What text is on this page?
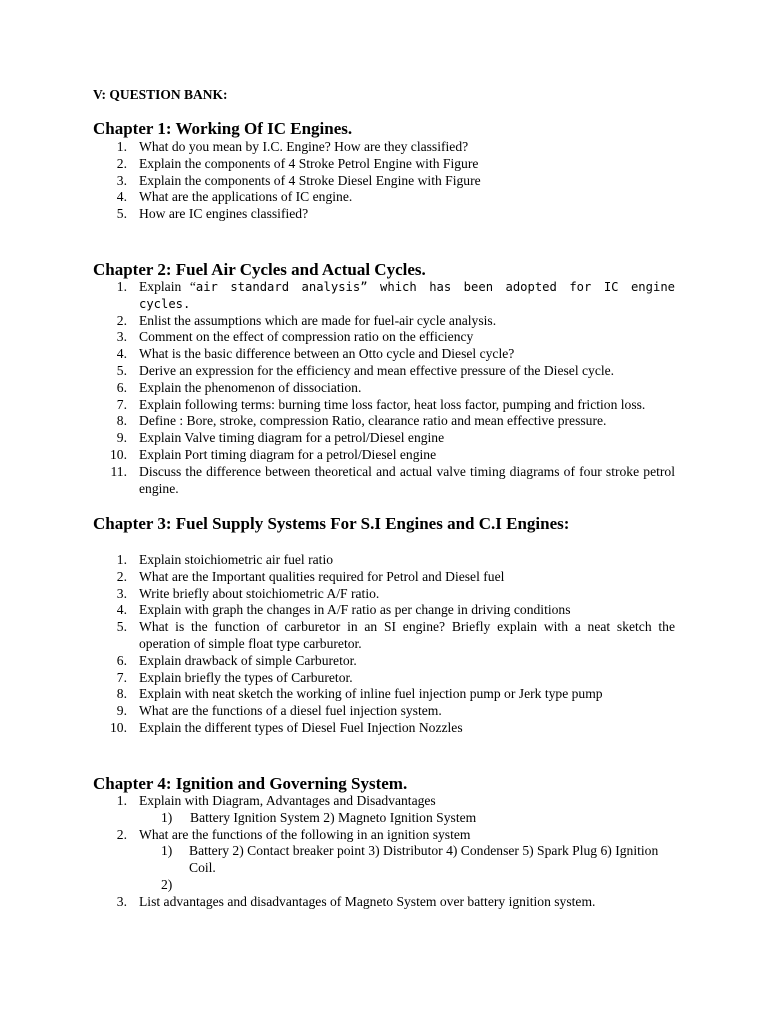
V: QUESTION BANK:
Chapter 1: Working Of IC Engines.
1. What do you mean by I.C. Engine? How are they classified?
2. Explain the components of 4 Stroke Petrol Engine with Figure
3. Explain the components of 4 Stroke Diesel Engine with Figure
4. What are the applications of IC engine.
5. How are IC engines classified?
Chapter 2: Fuel Air Cycles and Actual Cycles.
1. Explain “air standard analysis” which has been adopted for IC engine cycles.
2. Enlist the assumptions which are made for fuel-air cycle analysis.
3. Comment on the effect of compression ratio on the efficiency
4. What is the basic difference between an Otto cycle and Diesel cycle?
5. Derive an expression for the efficiency and mean effective pressure of the Diesel cycle.
6. Explain the phenomenon of dissociation.
7. Explain following terms: burning time loss factor, heat loss factor, pumping and friction loss.
8. Define : Bore, stroke, compression Ratio, clearance ratio and mean effective pressure.
9. Explain Valve timing diagram for a petrol/Diesel engine
10. Explain Port timing diagram for a petrol/Diesel engine
11. Discuss the difference between theoretical and actual valve timing diagrams of four stroke petrol engine.
Chapter 3: Fuel Supply Systems For S.I Engines and C.I Engines:
1. Explain stoichiometric air fuel ratio
2. What are the Important qualities required for Petrol and Diesel fuel
3. Write briefly about stoichiometric A/F ratio.
4. Explain with graph the changes in A/F ratio as per change in driving conditions
5. What is the function of carburetor in an SI engine? Briefly explain with a neat sketch the operation of simple float type carburetor.
6. Explain drawback of simple Carburetor.
7. Explain briefly the types of Carburetor.
8. Explain with neat sketch the working of inline fuel injection pump or Jerk type pump
9. What are the functions of a diesel fuel injection system.
10. Explain the different types of Diesel Fuel Injection Nozzles
Chapter 4: Ignition and Governing System.
1. Explain with Diagram, Advantages and Disadvantages
1) Battery Ignition System 2) Magneto Ignition System
2. What are the functions of the following in an ignition system
1) Battery 2) Contact breaker point 3) Distributor 4) Condenser 5) Spark Plug 6) Ignition Coil.
2)

3. List advantages and disadvantages of Magneto System over battery ignition system.
